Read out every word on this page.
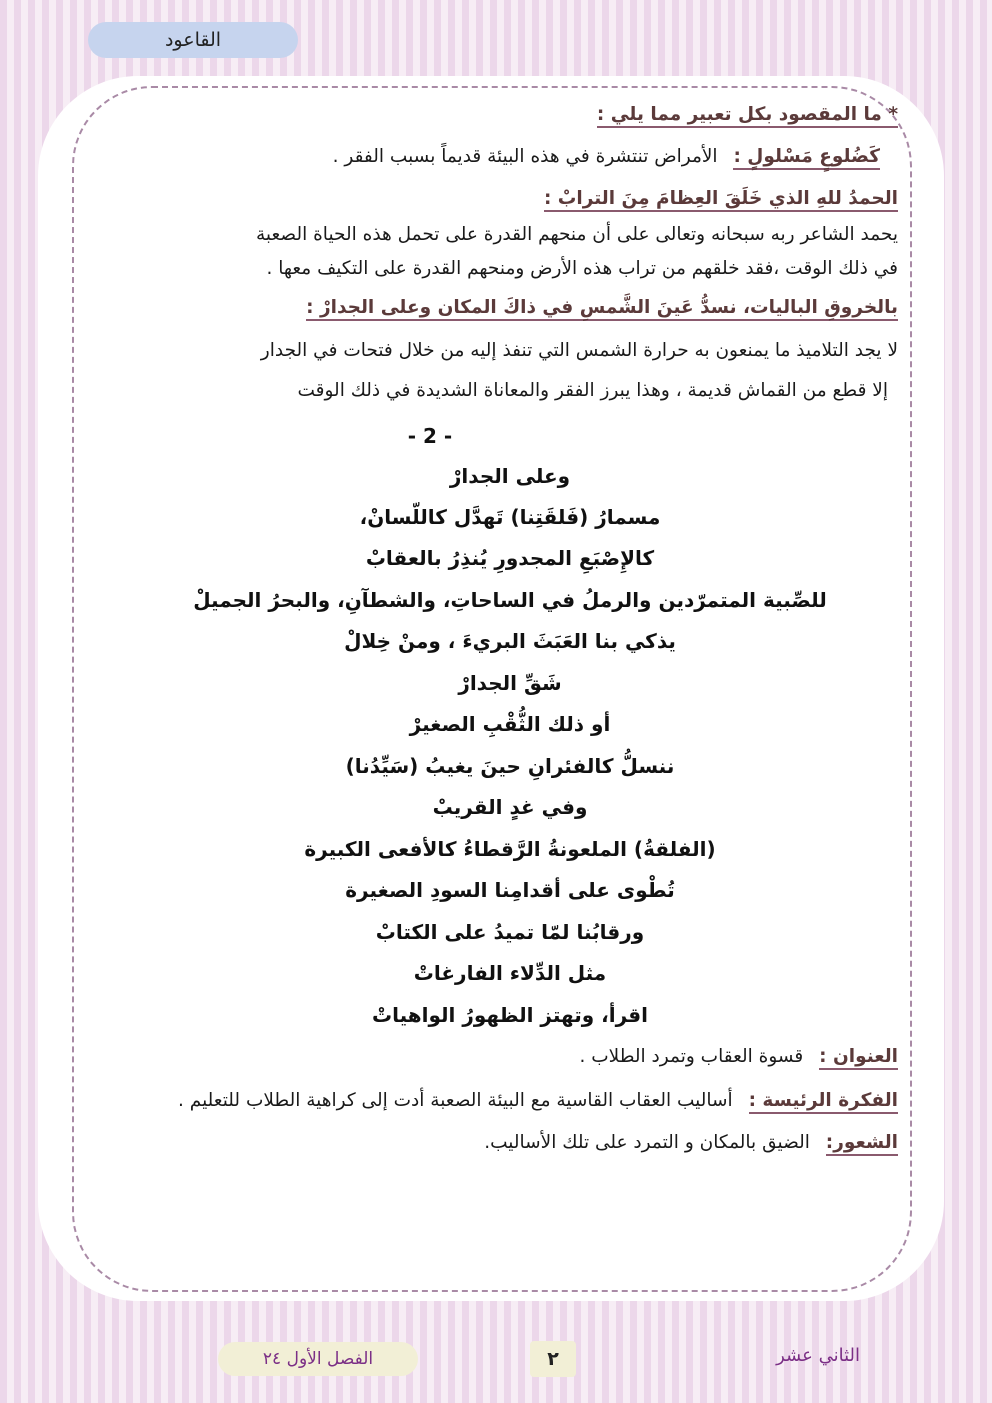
القاعود
* ما المقصود بكل تعبير مما يلي :
كَضُلوعٍ مَسْلولٍ : الأمراض تنتشرة في هذه البيئة قديماً بسبب الفقر .
الحمدُ للهِ الذي خَلَقَ العِظامَ مِنَ الترابْ :
يحمد الشاعر ربه سبحانه وتعالى على أن منحهم القدرة على تحمل هذه الحياة الصعبة
في ذلك الوقت ،فقد خلقهم من تراب هذه الأرض ومنحهم القدرة على التكيف معها .
بالخروقِ الباليات، نسدُّ عَينَ الشَّمسِ في ذاكَ المكان وعلى الجدارْ :
لا يجد التلاميذ ما يمنعون به حرارة الشمس التي تنفذ إليه من خلال فتحات في الجدار
إلا قطع من القماش قديمة ، وهذا يبرز الفقر والمعاناة الشديدة في ذلك الوقت
- 2 -
وعلى الجدارْ
مسمارُ (فَلقَتِنا) تَهدَّل كاللّسانْ،
كالإِصْبَعِ المجدورِ يُنذِرُ بالعقابْ
للصِّبية المتمرّدين والرملُ في الساحاتِ، والشطآنِ، والبحرُ الجميلْ
يذكي بنا العَبَثَ البريءَ ، ومنْ خِلالْ
شَقِّ الجدارْ
أو ذلك الثُّقْبِ الصغيرْ
ننسلُّ كالفئرانِ حينَ يغيبُ (سَيِّدُنا)
وفي غدٍ القريبْ
(الفلقةُ) الملعونةُ الرَّقطاءُ كالأفعى الكبيرة
تُطْوى على أقدامِنا السودِ الصغيرة
ورقابُنا لمّا تميدُ على الكتابْ
مثل الدِّلاء الفارغاتْ
اقرأ، وتهتز الظهورُ الواهياتْ
العنوان : قسوة العقاب وتمرد الطلاب .
الفكرة الرئيسة : أساليب العقاب القاسية مع البيئة الصعبة أدت إلى كراهية الطلاب للتعليم .
الشعور: الضيق بالمكان و التمرد على تلك الأساليب.
الفصل الأول ٢٤	٢	الثاني عشر
